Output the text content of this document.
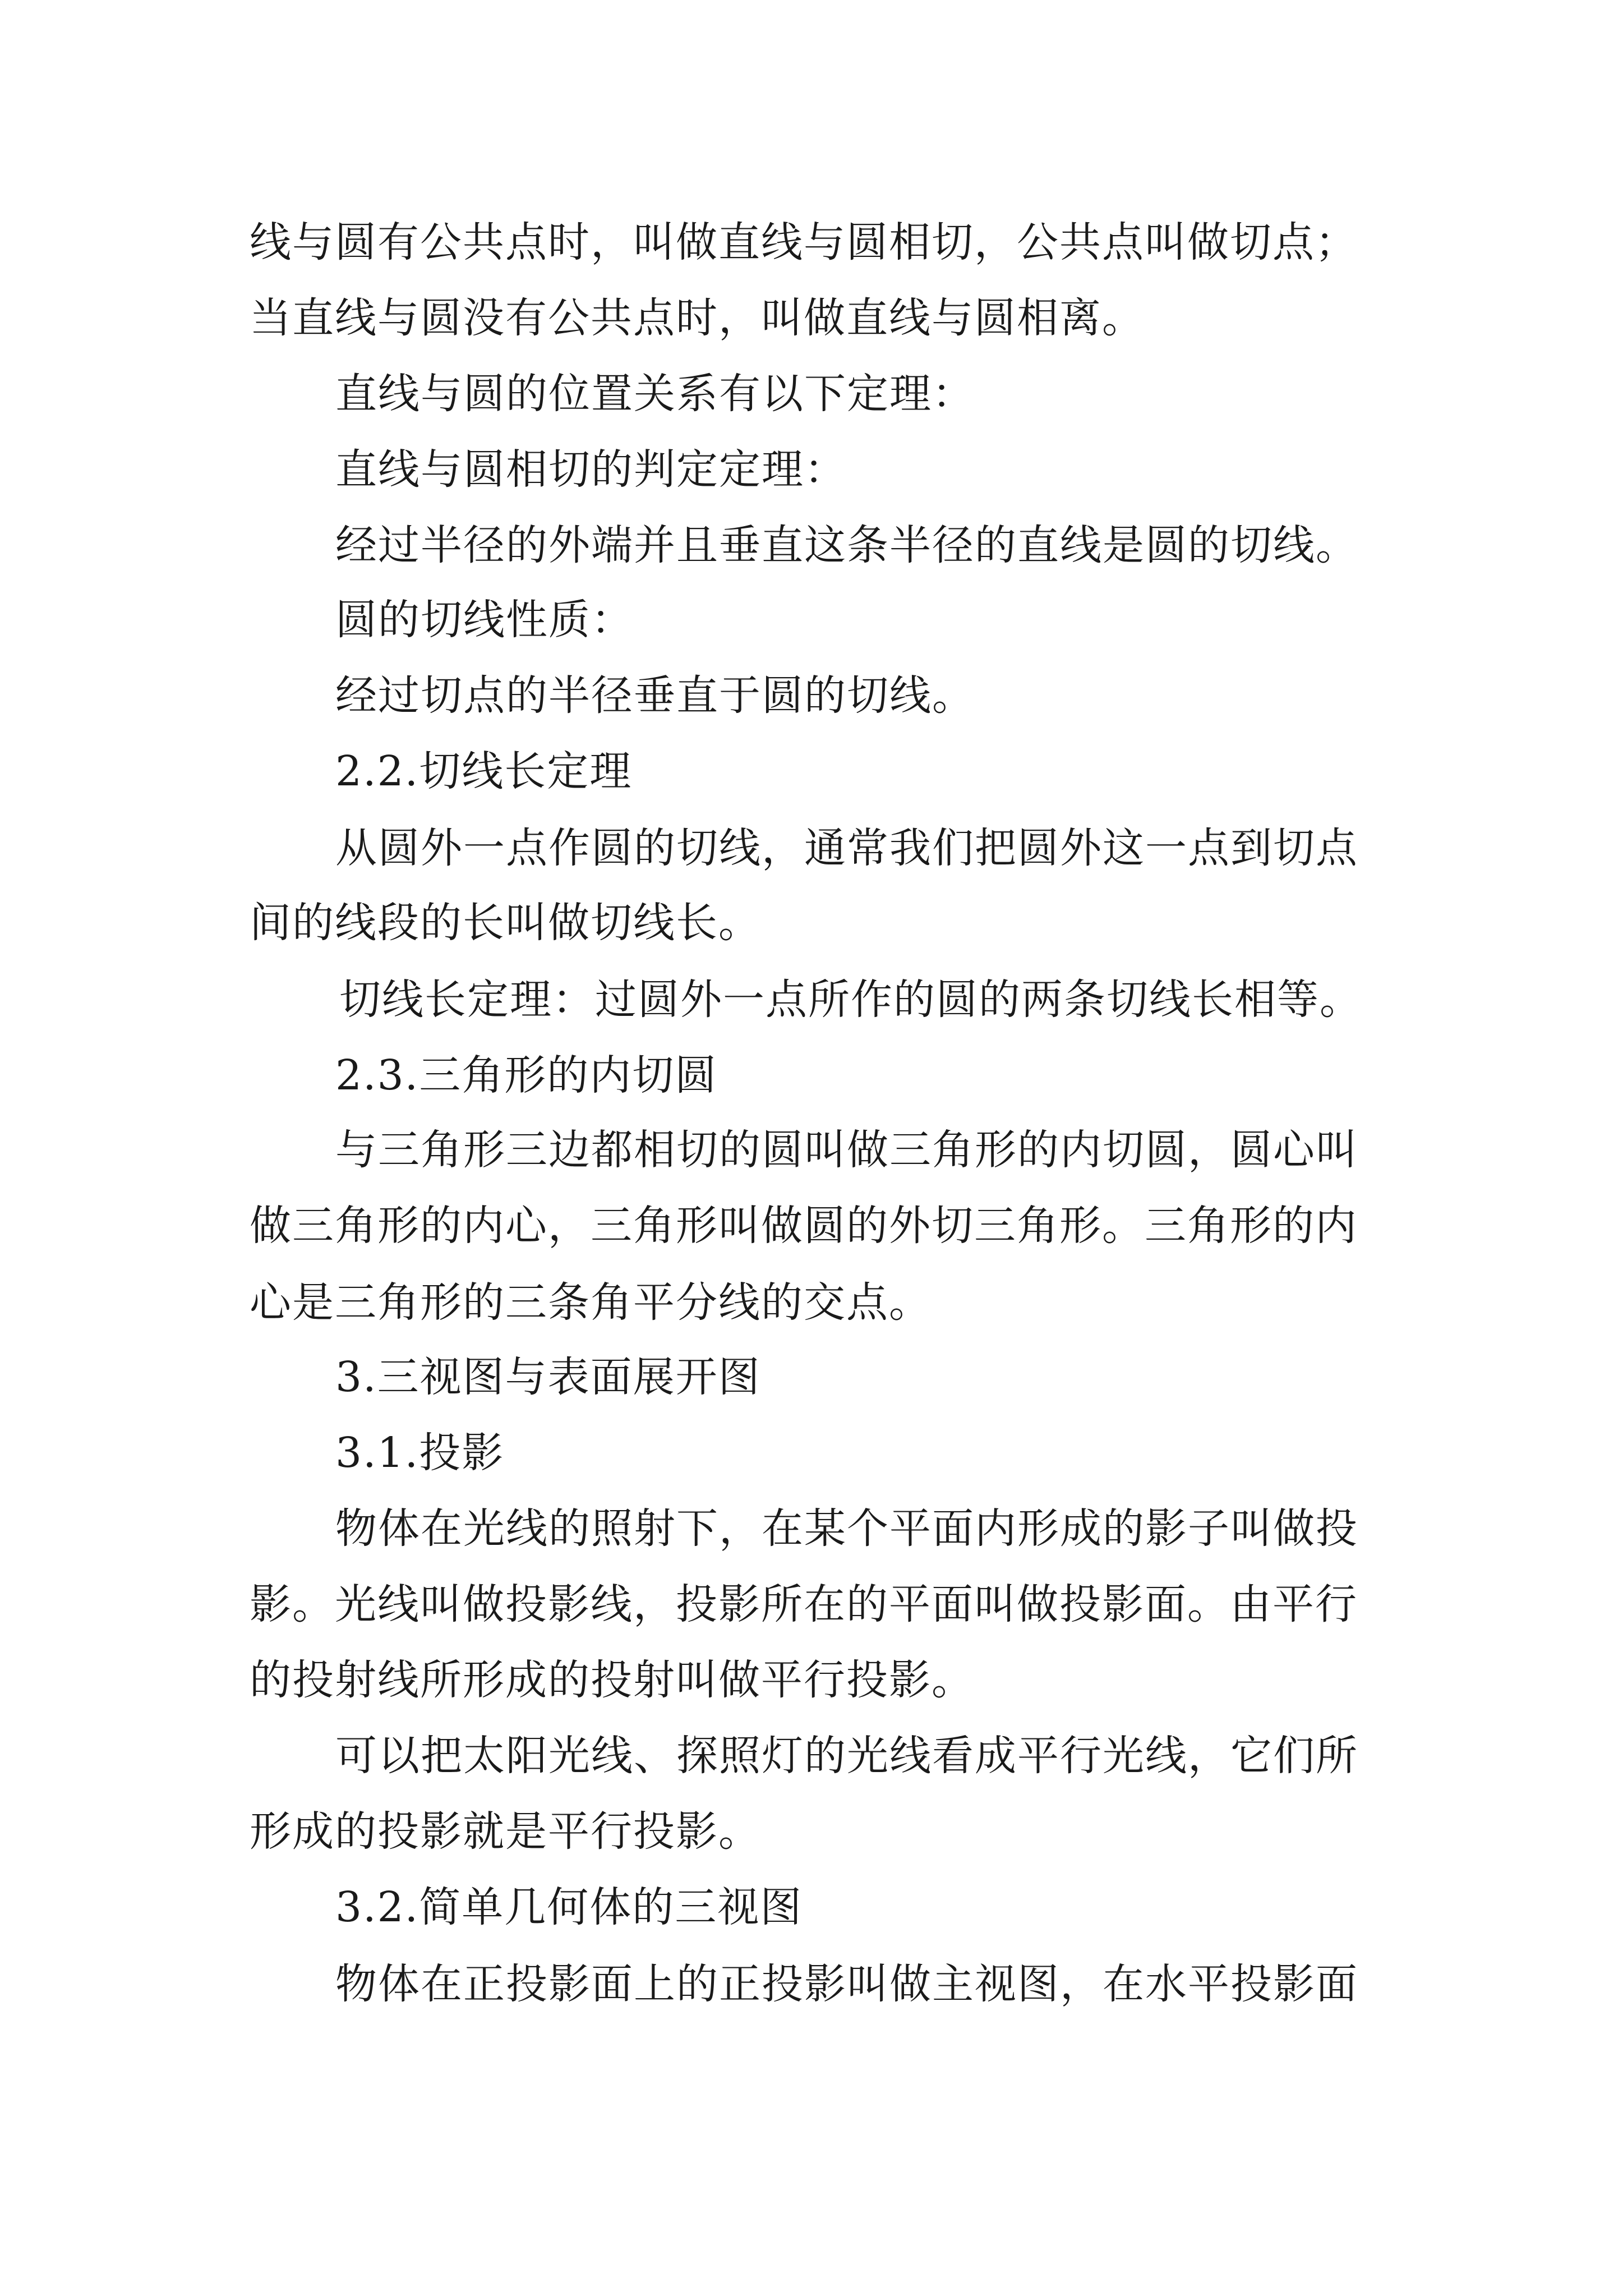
线与圆有公共点时，叫做直线与圆相切，公共点叫做切点；
当直线与圆没有公共点时，叫做直线与圆相离。
直线与圆的位置关系有以下定理：
直线与圆相切的判定定理：
经过半径的外端并且垂直这条半径的直线是圆的切线。
圆的切线性质：
经过切点的半径垂直于圆的切线。
2.2.切线长定理
从圆外一点作圆的切线，通常我们把圆外这一点到切点
间的线段的长叫做切线长。
切线长定理：过圆外一点所作的圆的两条切线长相等。
2.3.三角形的内切圆
与三角形三边都相切的圆叫做三角形的内切圆，圆心叫
做三角形的内心，三角形叫做圆的外切三角形。三角形的内
心是三角形的三条角平分线的交点。
3.三视图与表面展开图
3.1.投影
物体在光线的照射下，在某个平面内形成的影子叫做投
影。光线叫做投影线，投影所在的平面叫做投影面。由平行
的投射线所形成的投射叫做平行投影。
可以把太阳光线、探照灯的光线看成平行光线，它们所
形成的投影就是平行投影。
3.2.简单几何体的三视图
物体在正投影面上的正投影叫做主视图，在水平投影面
